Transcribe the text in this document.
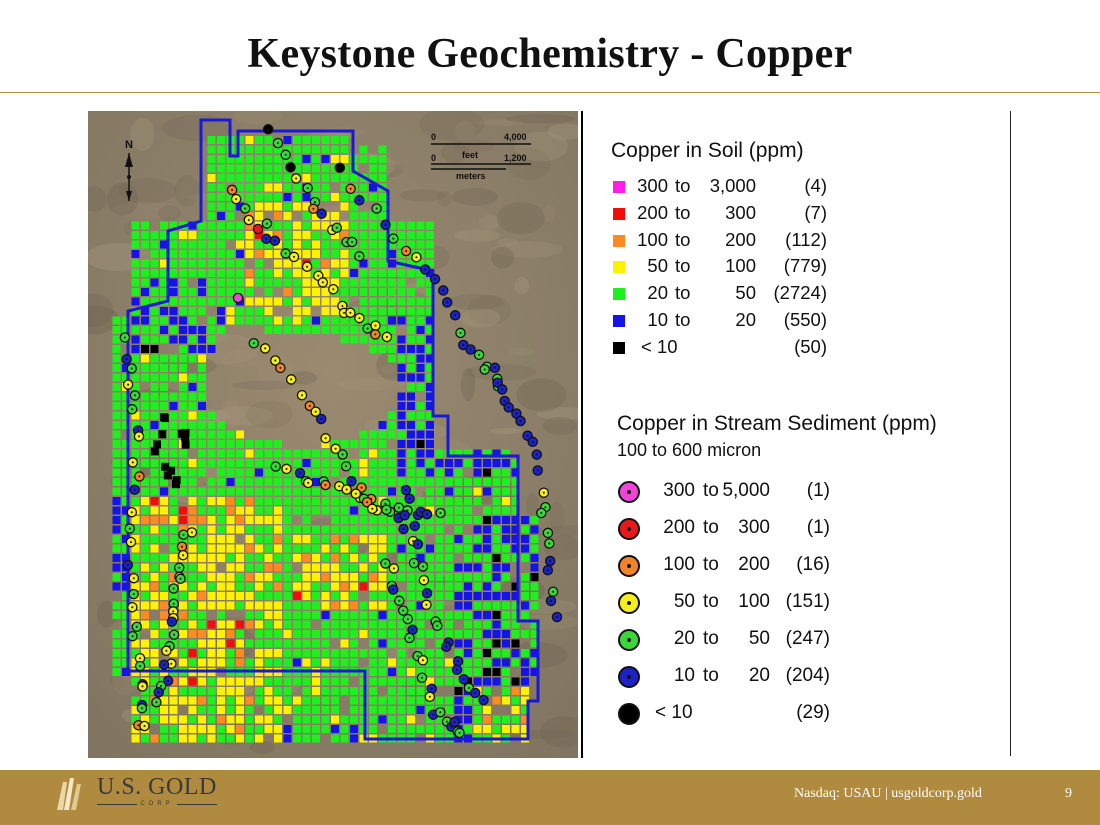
Keystone Geochemistry - Copper
N
0	4,000
0	feet	1,200
meters
Copper in Soil (ppm)
300 to	3,000	(4)
200 to	300	(7)
100 to	200	(112)
50 to	100	(779)
20 to	50 (2724)
10 to	20	(550)
< 10	(50)
Copper in Stream Sediment (ppm)
100 to 600 micron
300 to 5,000	(1)
200 to	300	(1)
100 to	200	(16)
50 to	100 (151)
20 to	50 (247)
10 to	20 (204)
< 10	(29)
U.S. GOLD
CORP
Nasdaq: USAU | usgoldcorp.gold	9
